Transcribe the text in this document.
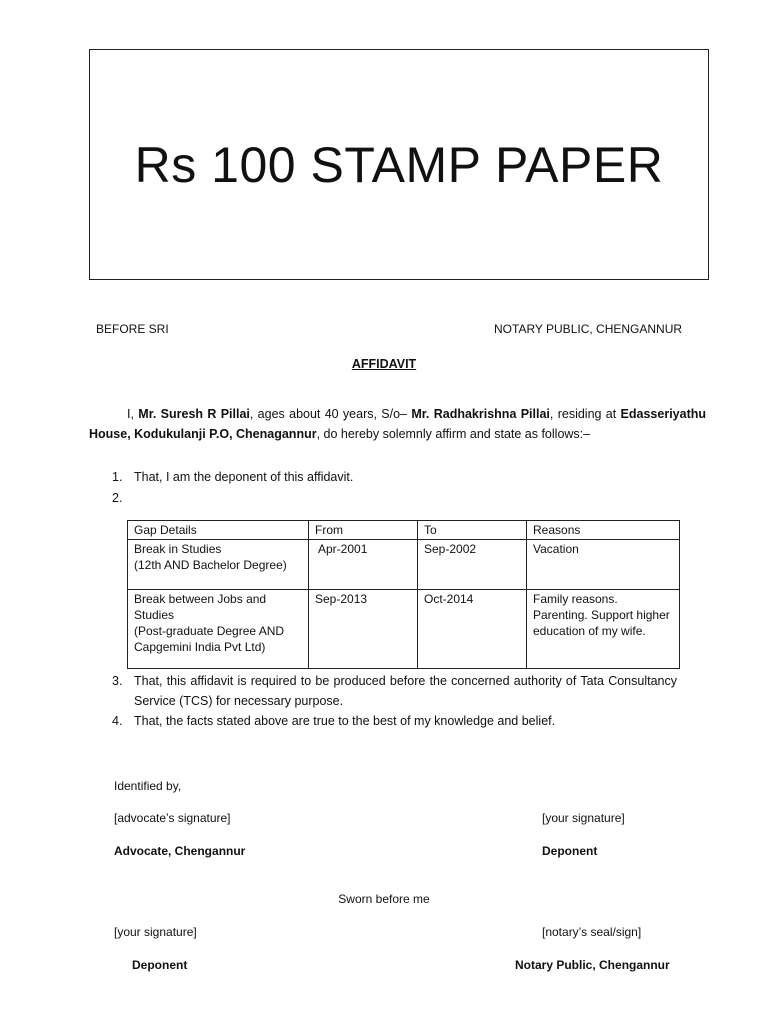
Rs 100 STAMP PAPER
BEFORE SRI	NOTARY PUBLIC, CHENGANNUR
AFFIDAVIT
I, Mr. Suresh R Pillai, ages about 40 years, S/o– Mr. Radhakrishna Pillai, residing at Edasseriyathu House, Kodukulanji P.O, Chenagannur, do hereby solemnly affirm and state as follows:–
1. That, I am the deponent of this affidavit.
2.
Gap Details	From	To	Reasons
Break in Studies
(12th AND Bachelor Degree)	Apr-2001	Sep-2002	Vacation
Break between Jobs and Studies
(Post-graduate Degree AND Capgemini India Pvt Ltd)	Sep-2013	Oct-2014	Family reasons. Parenting. Support higher education of my wife.
3. That, this affidavit is required to be produced before the concerned authority of Tata Consultancy Service (TCS) for necessary purpose.
4. That, the facts stated above are true to the best of my knowledge and belief.
Identified by,
[advocate’s signature]	[your signature]
Advocate, Chengannur	Deponent
Sworn before me
[your signature]	[notary’s seal/sign]
Deponent	Notary Public, Chengannur
